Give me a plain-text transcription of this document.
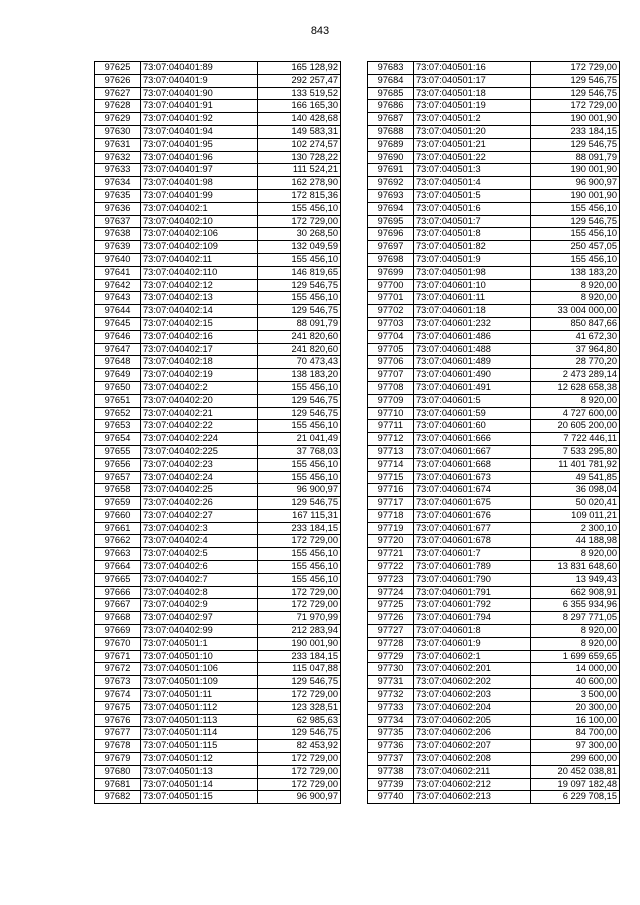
843
97625	73:07:040401:89	165 128,92
97626	73:07:040401:9	292 257,47
97627	73:07:040401:90	133 519,52
97628	73:07:040401:91	166 165,30
97629	73:07:040401:92	140 428,68
97630	73:07:040401:94	149 583,31
97631	73:07:040401:95	102 274,57
97632	73:07:040401:96	130 728,22
97633	73:07:040401:97	111 524,21
97634	73:07:040401:98	162 278,90
97635	73:07:040401:99	172 815,36
97636	73:07:040402:1	155 456,10
97637	73:07:040402:10	172 729,00
97638	73:07:040402:106	30 268,50
97639	73:07:040402:109	132 049,59
97640	73:07:040402:11	155 456,10
97641	73:07:040402:110	146 819,65
97642	73:07:040402:12	129 546,75
97643	73:07:040402:13	155 456,10
97644	73:07:040402:14	129 546,75
97645	73:07:040402:15	88 091,79
97646	73:07:040402:16	241 820,60
97647	73:07:040402:17	241 820,60
97648	73:07:040402:18	70 473,43
97649	73:07:040402:19	138 183,20
97650	73:07:040402:2	155 456,10
97651	73:07:040402:20	129 546,75
97652	73:07:040402:21	129 546,75
97653	73:07:040402:22	155 456,10
97654	73:07:040402:224	21 041,49
97655	73:07:040402:225	37 768,03
97656	73:07:040402:23	155 456,10
97657	73:07:040402:24	155 456,10
97658	73:07:040402:25	96 900,97
97659	73:07:040402:26	129 546,75
97660	73:07:040402:27	167 115,31
97661	73:07:040402:3	233 184,15
97662	73:07:040402:4	172 729,00
97663	73:07:040402:5	155 456,10
97664	73:07:040402:6	155 456,10
97665	73:07:040402:7	155 456,10
97666	73:07:040402:8	172 729,00
97667	73:07:040402:9	172 729,00
97668	73:07:040402:97	71 970,99
97669	73:07:040402:99	212 283,94
97670	73:07:040501:1	190 001,90
97671	73:07:040501:10	233 184,15
97672	73:07:040501:106	115 047,88
97673	73:07:040501:109	129 546,75
97674	73:07:040501:11	172 729,00
97675	73:07:040501:112	123 328,51
97676	73:07:040501:113	62 985,63
97677	73:07:040501:114	129 546,75
97678	73:07:040501:115	82 453,92
97679	73:07:040501:12	172 729,00
97680	73:07:040501:13	172 729,00
97681	73:07:040501:14	172 729,00
97682	73:07:040501:15	96 900,97
97683	73:07:040501:16	172 729,00
97684	73:07:040501:17	129 546,75
97685	73:07:040501:18	129 546,75
97686	73:07:040501:19	172 729,00
97687	73:07:040501:2	190 001,90
97688	73:07:040501:20	233 184,15
97689	73:07:040501:21	129 546,75
97690	73:07:040501:22	88 091,79
97691	73:07:040501:3	190 001,90
97692	73:07:040501:4	96 900,97
97693	73:07:040501:5	190 001,90
97694	73:07:040501:6	155 456,10
97695	73:07:040501:7	129 546,75
97696	73:07:040501:8	155 456,10
97697	73:07:040501:82	250 457,05
97698	73:07:040501:9	155 456,10
97699	73:07:040501:98	138 183,20
97700	73:07:040601:10	8 920,00
97701	73:07:040601:11	8 920,00
97702	73:07:040601:18	33 004 000,00
97703	73:07:040601:232	850 847,66
97704	73:07:040601:486	41 672,30
97705	73:07:040601:488	37 964,80
97706	73:07:040601:489	28 770,20
97707	73:07:040601:490	2 473 289,14
97708	73:07:040601:491	12 628 658,38
97709	73:07:040601:5	8 920,00
97710	73:07:040601:59	4 727 600,00
97711	73:07:040601:60	20 605 200,00
97712	73:07:040601:666	7 722 446,11
97713	73:07:040601:667	7 533 295,80
97714	73:07:040601:668	11 401 781,92
97715	73:07:040601:673	49 541,85
97716	73:07:040601:674	36 098,04
97717	73:07:040601:675	50 020,41
97718	73:07:040601:676	109 011,21
97719	73:07:040601:677	2 300,10
97720	73:07:040601:678	44 188,98
97721	73:07:040601:7	8 920,00
97722	73:07:040601:789	13 831 648,60
97723	73:07:040601:790	13 949,43
97724	73:07:040601:791	662 908,91
97725	73:07:040601:792	6 355 934,96
97726	73:07:040601:794	8 297 771,05
97727	73:07:040601:8	8 920,00
97728	73:07:040601:9	8 920,00
97729	73:07:040602:1	1 699 659,65
97730	73:07:040602:201	14 000,00
97731	73:07:040602:202	40 600,00
97732	73:07:040602:203	3 500,00
97733	73:07:040602:204	20 300,00
97734	73:07:040602:205	16 100,00
97735	73:07:040602:206	84 700,00
97736	73:07:040602:207	97 300,00
97737	73:07:040602:208	299 600,00
97738	73:07:040602:211	20 452 038,81
97739	73:07:040602:212	19 097 182,48
97740	73:07:040602:213	6 229 708,15
